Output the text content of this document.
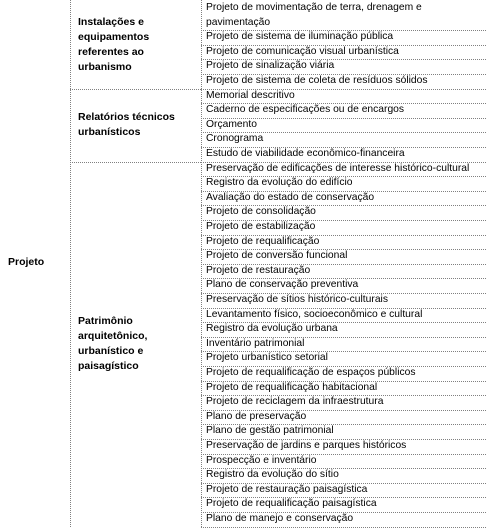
Projeto
Projeto de movimentação de terra, drenagem e pavimentação
Projeto de sistema de iluminação pública
Projeto de comunicação visual urbanística
Projeto de sinalização viária
Projeto de sistema de coleta de resíduos sólidos
Instalações e equipamentos referentes ao urbanismo
Memorial descritivo
Caderno de especificações ou de encargos
Orçamento
Cronograma
Estudo de viabilidade econômico-financeira
Relatórios técnicos urbanísticos
Preservação de edificações de interesse histórico-cultural
Registro da evolução do edifício
Avaliação do estado de conservação
Projeto de consolidação
Projeto de estabilização
Projeto de requalificação
Projeto de conversão funcional
Projeto de restauração
Plano de conservação preventiva
Preservação de sítios histórico-culturais
Levantamento físico, socioeconômico e cultural
Registro da evolução urbana
Inventário patrimonial
Projeto urbanístico setorial
Projeto de requalificação de espaços públicos
Projeto de requalificação habitacional
Projeto de reciclagem da infraestrutura
Plano de preservação
Plano de gestão patrimonial
Preservação de jardins e parques históricos
Prospecção e inventário
Registro da evolução do sítio
Projeto de restauração paisagística
Projeto de requalificação paisagística
Plano de manejo e conservação
Patrimônio arquitetônico, urbanístico e paisagístico
